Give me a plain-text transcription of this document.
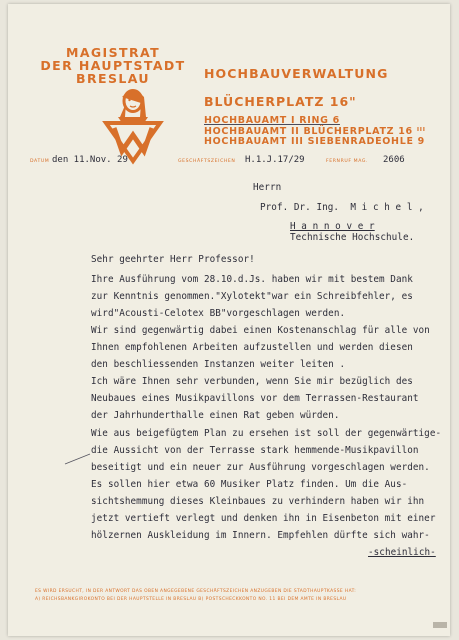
MAGISTRAT
DER HAUPTSTADT
BRESLAU	HOCHBAUVERWALTUNG
BLÜCHERPLATZ 16"
HOCHBAUAMT I RING 6
HOCHBAUAMT II BLÜCHERPLATZ 16 ᴵᴵᴵ
HOCHBAUAMT III SIEBENRADEOHLE 9
DATUM den 11.Nov. 29	GESCHÄFTSZEICHEN H.1.J.17/29	FERNRUF MAG. 2606
Herrn
Prof. Dr. Ing.  M i c h e l ,
H a n n o v e r
Technische Hochschule.
Sehr geehrter Herr Professor!
Ihre Ausführung vom 28.10.d.Js. haben wir mit bestem Dank
zur Kenntnis genommen."Xylotekt"war ein Schreibfehler, es
wird"Acousti-Celotex BB"vorgeschlagen werden.
Wir sind gegenwärtig dabei einen Kostenanschlag für alle von
Ihnen empfohlenen Arbeiten aufzustellen und werden diesen
den beschliessenden Instanzen weiter leiten .
Ich wäre Ihnen sehr verbunden, wenn Sie mir bezüglich des
Neubaues eines Musikpavillons vor dem Terrassen-Restaurant
der Jahrhunderthalle einen Rat geben würden.
Wie aus beigefügtem Plan zu ersehen ist soll der gegenwärtige-
die Aussicht von der Terrasse stark hemmende-Musikpavillon
beseitigt und ein neuer zur Ausführung vorgeschlagen werden.
Es sollen hier etwa 60 Musiker Platz finden. Um die Aus-
sichtshemmung dieses Kleinbaues zu verhindern haben wir ihn
jetzt vertieft verlegt und denken ihn in Eisenbeton mit einer
hölzernen Auskleidung im Innern. Empfehlen dürfte sich wahr-
-scheinlich-
ES WIRD ERSUCHT, IN DER ANTWORT DAS OBEN ANGEGEBENE GESCHÄFTSZEICHEN ANZUGEBEN DIE STADTHAUPTKASSE HAT:
A) REICHSBANKGIROKONTO BEI DER HAUPTSTELLE IN BRESLAU B) POSTSCHECKKONTO NO. 11 BEI DEM AMTE IN BRESLAU
